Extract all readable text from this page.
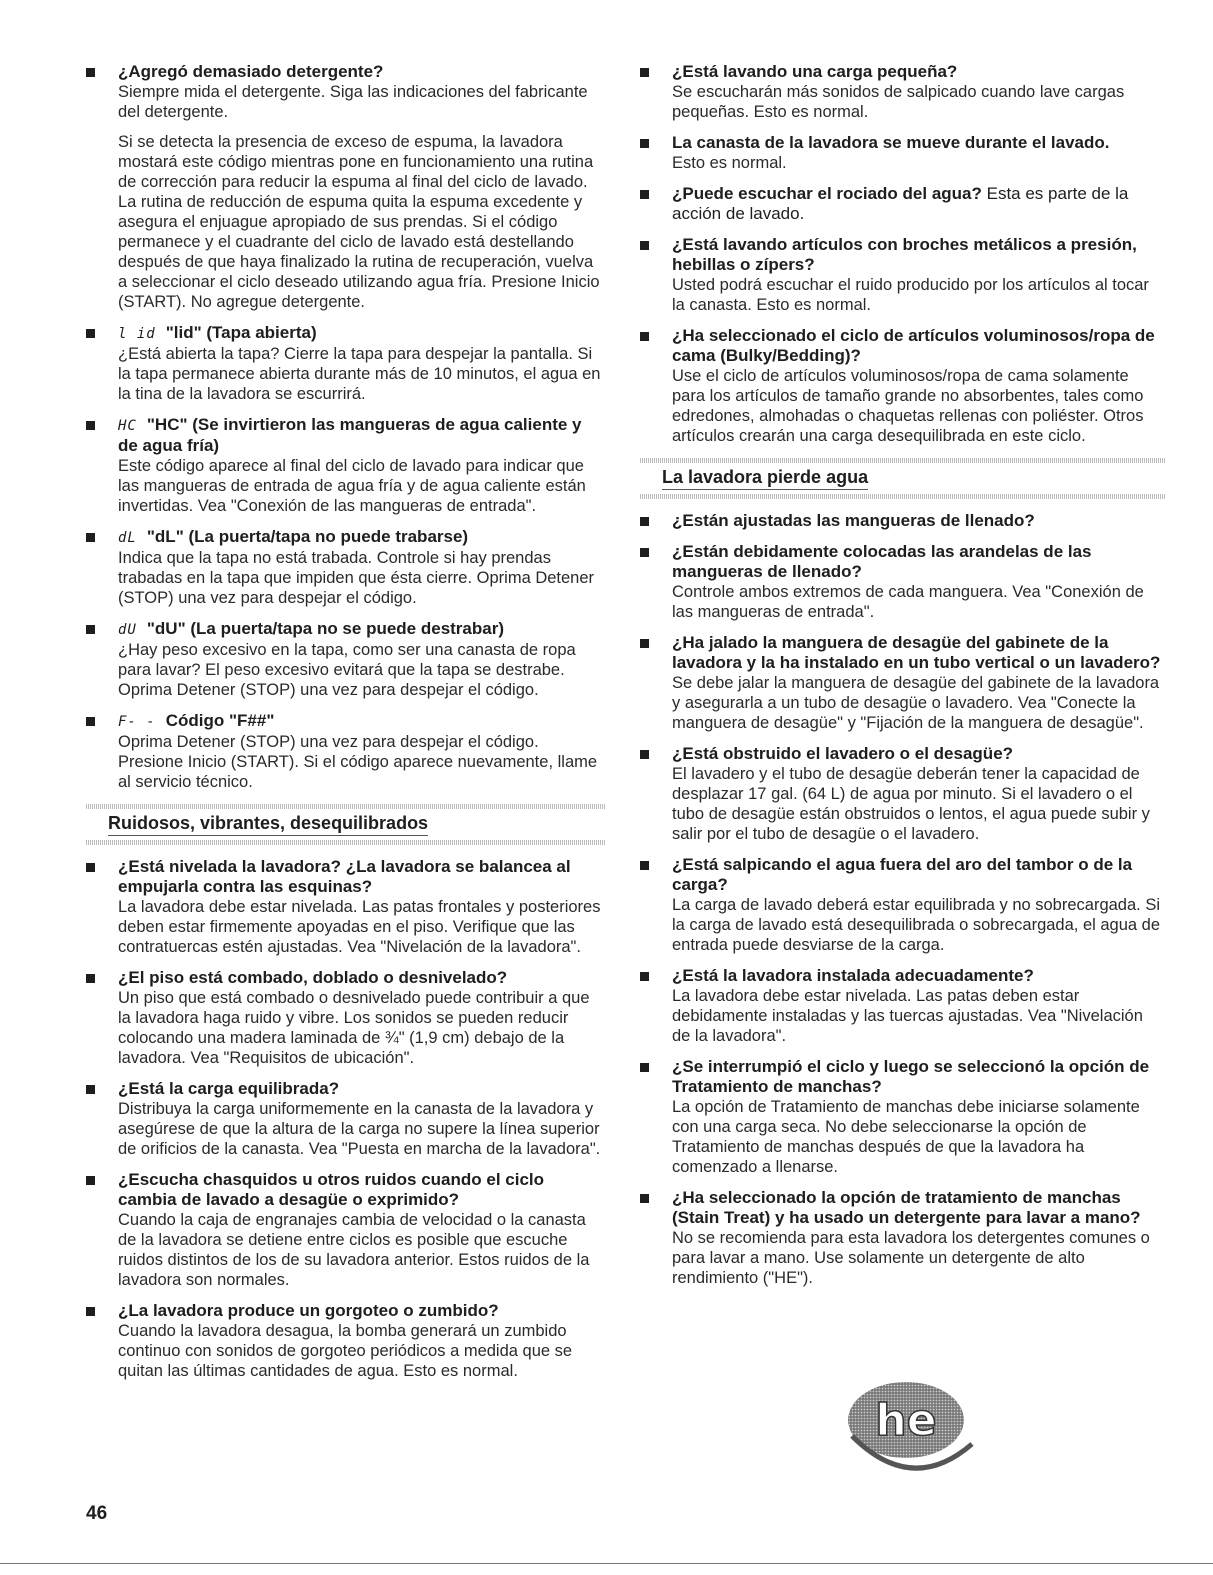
¿Agregó demasiado detergente?

Siempre mida el detergente. Siga las indicaciones del fabricante del detergente.

Si se detecta la presencia de exceso de espuma, la lavadora mostará este código mientras pone en funcionamiento una rutina de corrección para reducir la espuma al final del ciclo de lavado. La rutina de reducción de espuma quita la espuma excedente y asegura el enjuague apropiado de sus prendas. Si el código permanece y el cuadrante del ciclo de lavado está destellando después de que haya finalizado la rutina de recuperación, vuelva a seleccionar el ciclo deseado utilizando agua fría. Presione Inicio (START). No agregue detergente.

l id "lid" (Tapa abierta)

¿Está abierta la tapa? Cierre la tapa para despejar la pantalla. Si la tapa permanece abierta durante más de 10 minutos, el agua en la tina de la lavadora se escurrirá.

HC "HC" (Se invirtieron las mangueras de agua caliente y de agua fría)

Este código aparece al final del ciclo de lavado para indicar que las mangueras de entrada de agua fría y de agua caliente están invertidas. Vea "Conexión de las mangueras de entrada".

dL "dL" (La puerta/tapa no puede trabarse)

Indica que la tapa no está trabada. Controle si hay prendas trabadas en la tapa que impiden que ésta cierre. Oprima Detener (STOP) una vez para despejar el código.

dU "dU" (La puerta/tapa no se puede destrabar)

¿Hay peso excesivo en la tapa, como ser una canasta de ropa para lavar? El peso excesivo evitará que la tapa se destrabe. Oprima Detener (STOP) una vez para despejar el código.

F- - Código "F##"

Oprima Detener (STOP) una vez para despejar el código. Presione Inicio (START). Si el código aparece nuevamente, llame al servicio técnico.

Ruidosos, vibrantes, desequilibrados

¿Está nivelada la lavadora? ¿La lavadora se balancea al empujarla contra las esquinas?

La lavadora debe estar nivelada. Las patas frontales y posteriores deben estar firmemente apoyadas en el piso. Verifique que las contratuercas estén ajustadas. Vea "Nivelación de la lavadora".

¿El piso está combado, doblado o desnivelado?

Un piso que está combado o desnivelado puede contribuir a que la lavadora haga ruido y vibre. Los sonidos se pueden reducir colocando una madera laminada de ¾" (1,9 cm) debajo de la lavadora. Vea "Requisitos de ubicación".

¿Está la carga equilibrada?

Distribuya la carga uniformemente en la canasta de la lavadora y asegúrese de que la altura de la carga no supere la línea superior de orificios de la canasta. Vea "Puesta en marcha de la lavadora".

¿Escucha chasquidos u otros ruidos cuando el ciclo cambia de lavado a desagüe o exprimido?

Cuando la caja de engranajes cambia de velocidad o la canasta de la lavadora se detiene entre ciclos es posible que escuche ruidos distintos de los de su lavadora anterior. Estos ruidos de la lavadora son normales.

¿La lavadora produce un gorgoteo o zumbido?

Cuando la lavadora desagua, la bomba generará un zumbido continuo con sonidos de gorgoteo periódicos a medida que se quitan las últimas cantidades de agua. Esto es normal.

¿Está lavando una carga pequeña?

Se escucharán más sonidos de salpicado cuando lave cargas pequeñas. Esto es normal.

La canasta de la lavadora se mueve durante el lavado.

Esto es normal.

¿Puede escuchar el rociado del agua? Esta es parte de la acción de lavado.

¿Está lavando artículos con broches metálicos a presión, hebillas o zípers?

Usted podrá escuchar el ruido producido por los artículos al tocar la canasta. Esto es normal.

¿Ha seleccionado el ciclo de artículos voluminosos/ropa de cama (Bulky/Bedding)?

Use el ciclo de artículos voluminosos/ropa de cama solamente para los artículos de tamaño grande no absorbentes, tales como edredones, almohadas o chaquetas rellenas con poliéster. Otros artículos crearán una carga desequilibrada en este ciclo.

La lavadora pierde agua

¿Están ajustadas las mangueras de llenado?

¿Están debidamente colocadas las arandelas de las mangueras de llenado?

Controle ambos extremos de cada manguera. Vea "Conexión de las mangueras de entrada".

¿Ha jalado la manguera de desagüe del gabinete de la lavadora y la ha instalado en un tubo vertical o un lavadero?

Se debe jalar la manguera de desagüe del gabinete de la lavadora y asegurarla a un tubo de desagüe o lavadero. Vea "Conecte la manguera de desagüe" y "Fijación de la manguera de desagüe".

¿Está obstruido el lavadero o el desagüe?

El lavadero y el tubo de desagüe deberán tener la capacidad de desplazar 17 gal. (64 L) de agua por minuto. Si el lavadero o el tubo de desagüe están obstruidos o lentos, el agua puede subir y salir por el tubo de desagüe o el lavadero.

¿Está salpicando el agua fuera del aro del tambor o de la carga?

La carga de lavado deberá estar equilibrada y no sobrecargada. Si la carga de lavado está desequilibrada o sobrecargada, el agua de entrada puede desviarse de la carga.

¿Está la lavadora instalada adecuadamente?

La lavadora debe estar nivelada. Las patas deben estar debidamente instaladas y las tuercas ajustadas. Vea "Nivelación de la lavadora".

¿Se interrumpió el ciclo y luego se seleccionó la opción de Tratamiento de manchas?

La opción de Tratamiento de manchas debe iniciarse solamente con una carga seca. No debe seleccionarse la opción de Tratamiento de manchas después de que la lavadora ha comenzado a llenarse.

¿Ha seleccionado la opción de tratamiento de manchas (Stain Treat) y ha usado un detergente para lavar a mano?

No se recomienda para esta lavadora los detergentes comunes o para lavar a mano. Use solamente un detergente de alto rendimiento ("HE").

he
46
